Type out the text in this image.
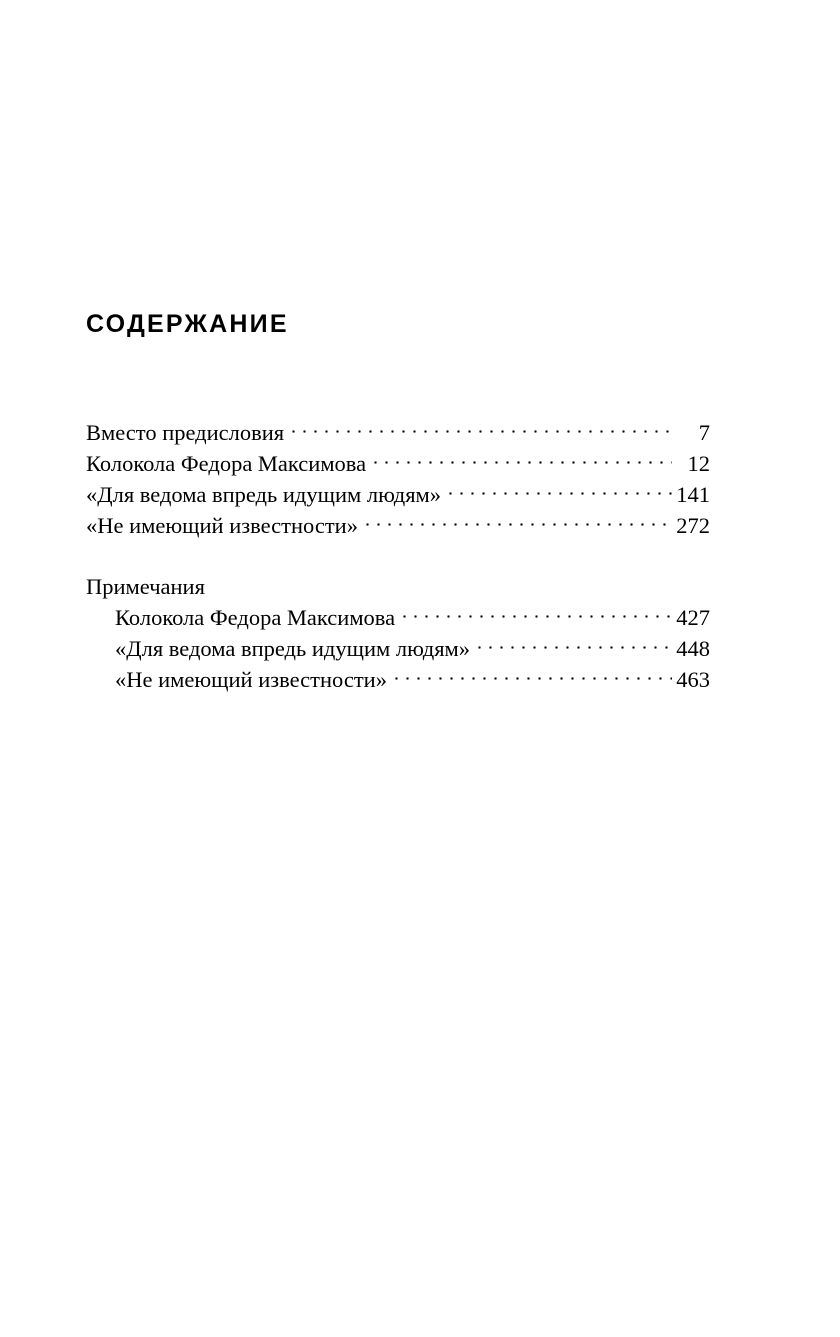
СОДЕРЖАНИЕ
Вместо предисловия	7
Колокола Федора Максимова	12
«Для ведома впредь идущим людям»	141
«Не имеющий известности»	272
Примечания
Колокола Федора Максимова	427
«Для ведома впредь идущим людям»	448
«Не имеющий известности»	463
